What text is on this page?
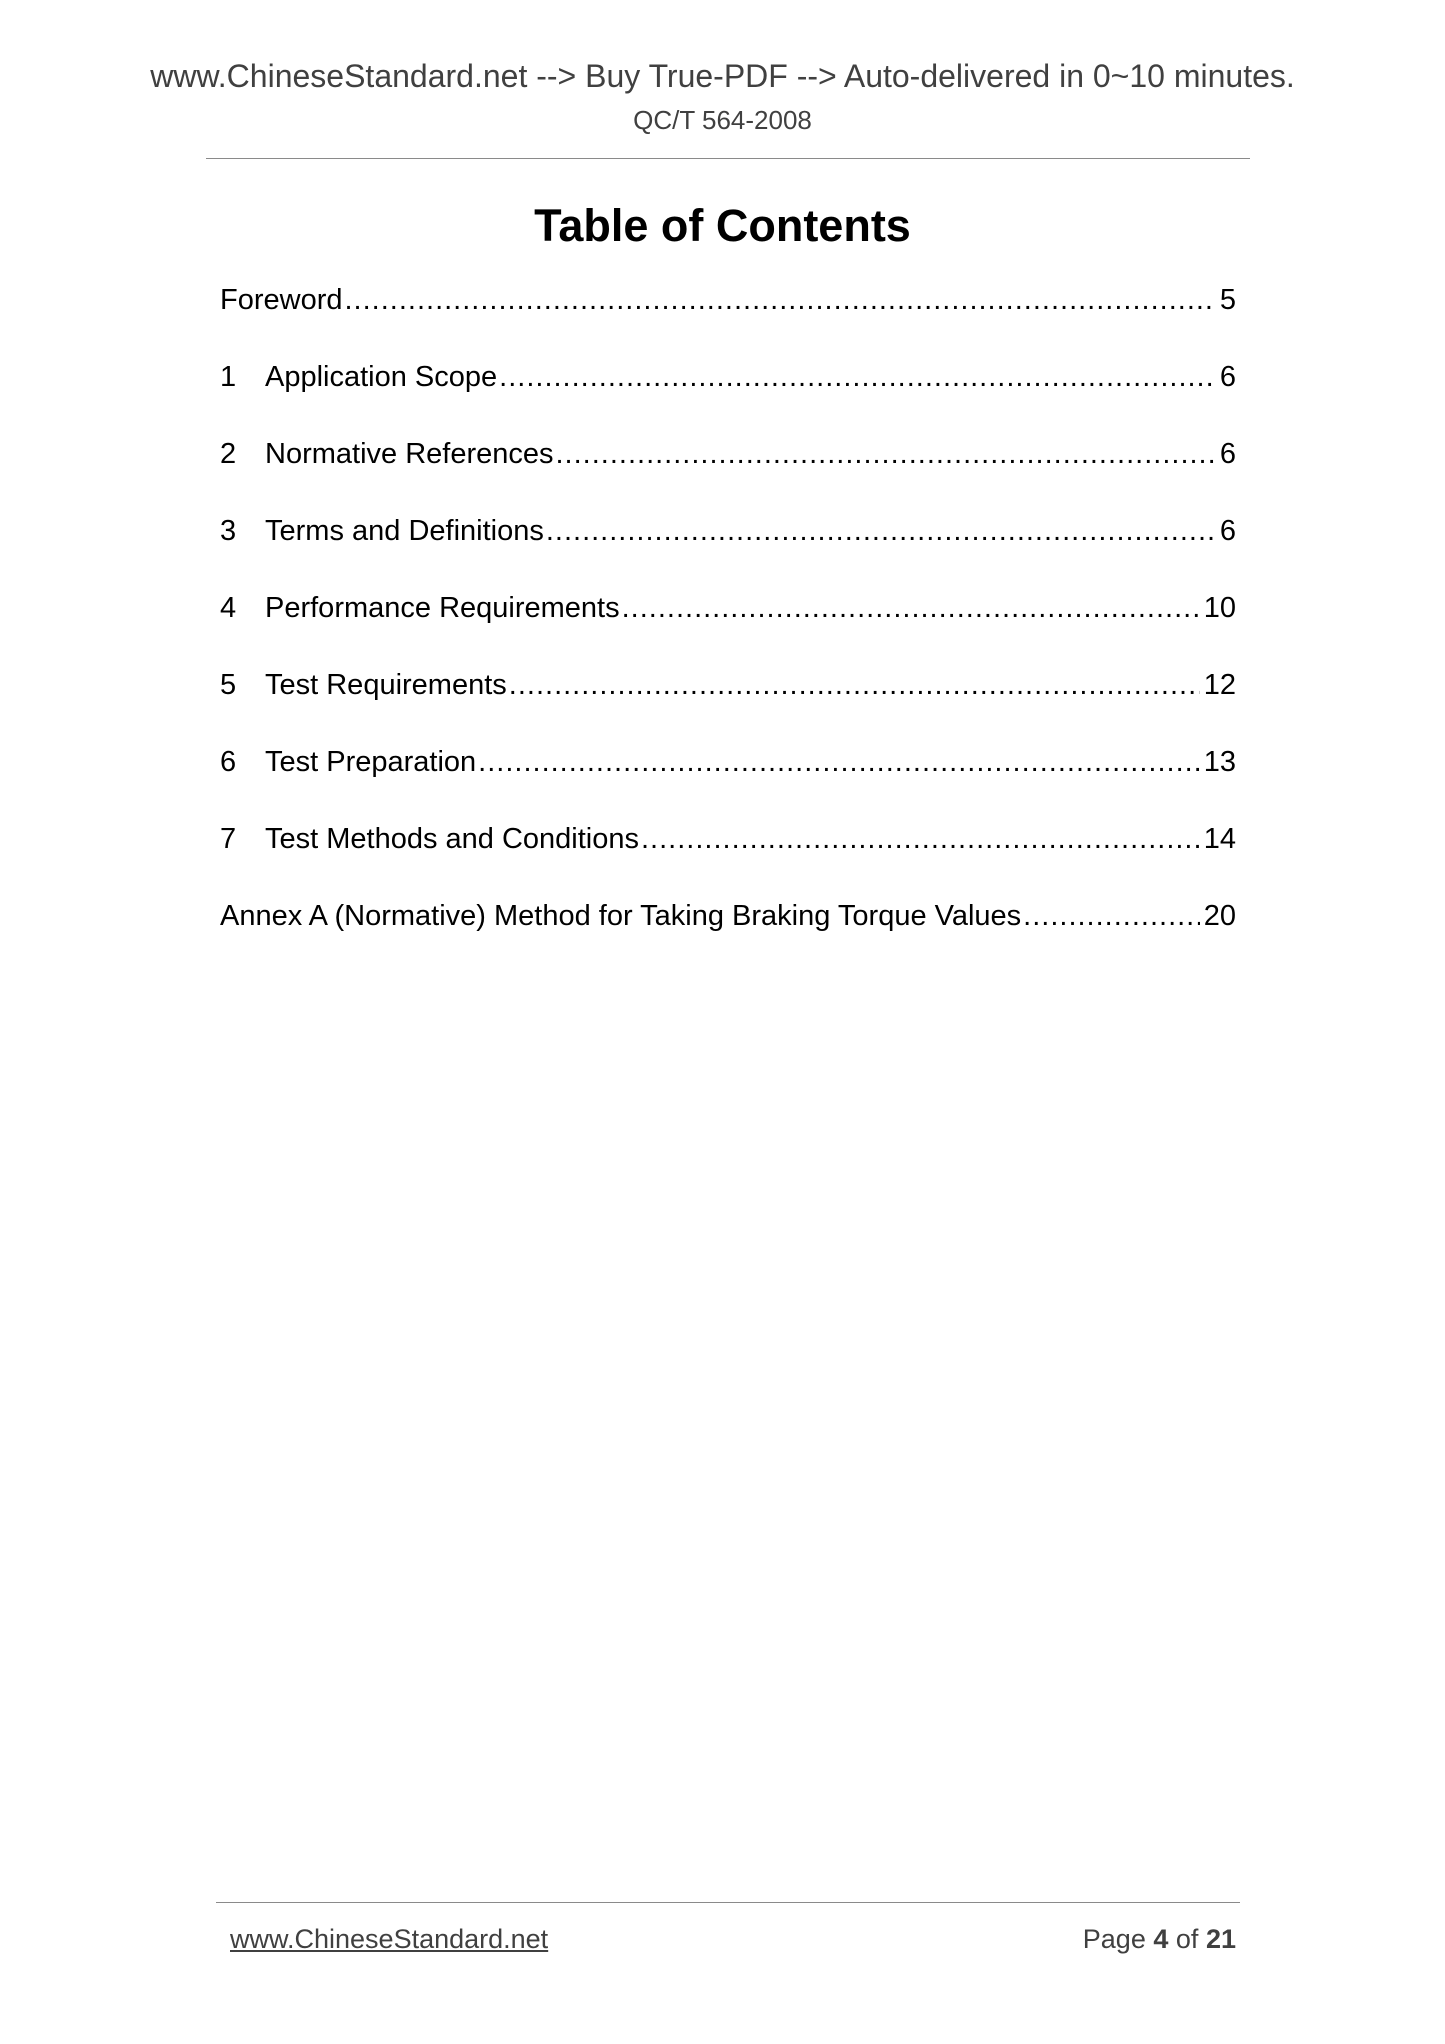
www.ChineseStandard.net --> Buy True-PDF --> Auto-delivered in 0~10 minutes.
QC/T 564-2008
Table of Contents
Foreword .....	5
1 Application Scope .....	6
2 Normative References .....	6
3 Terms and Definitions .....	6
4 Performance Requirements .....	10
5 Test Requirements .....	12
6 Test Preparation .....	13
7 Test Methods and Conditions .....	14
Annex A (Normative) Method for Taking Braking Torque Values .....	20
www.ChineseStandard.net	Page 4 of 21
